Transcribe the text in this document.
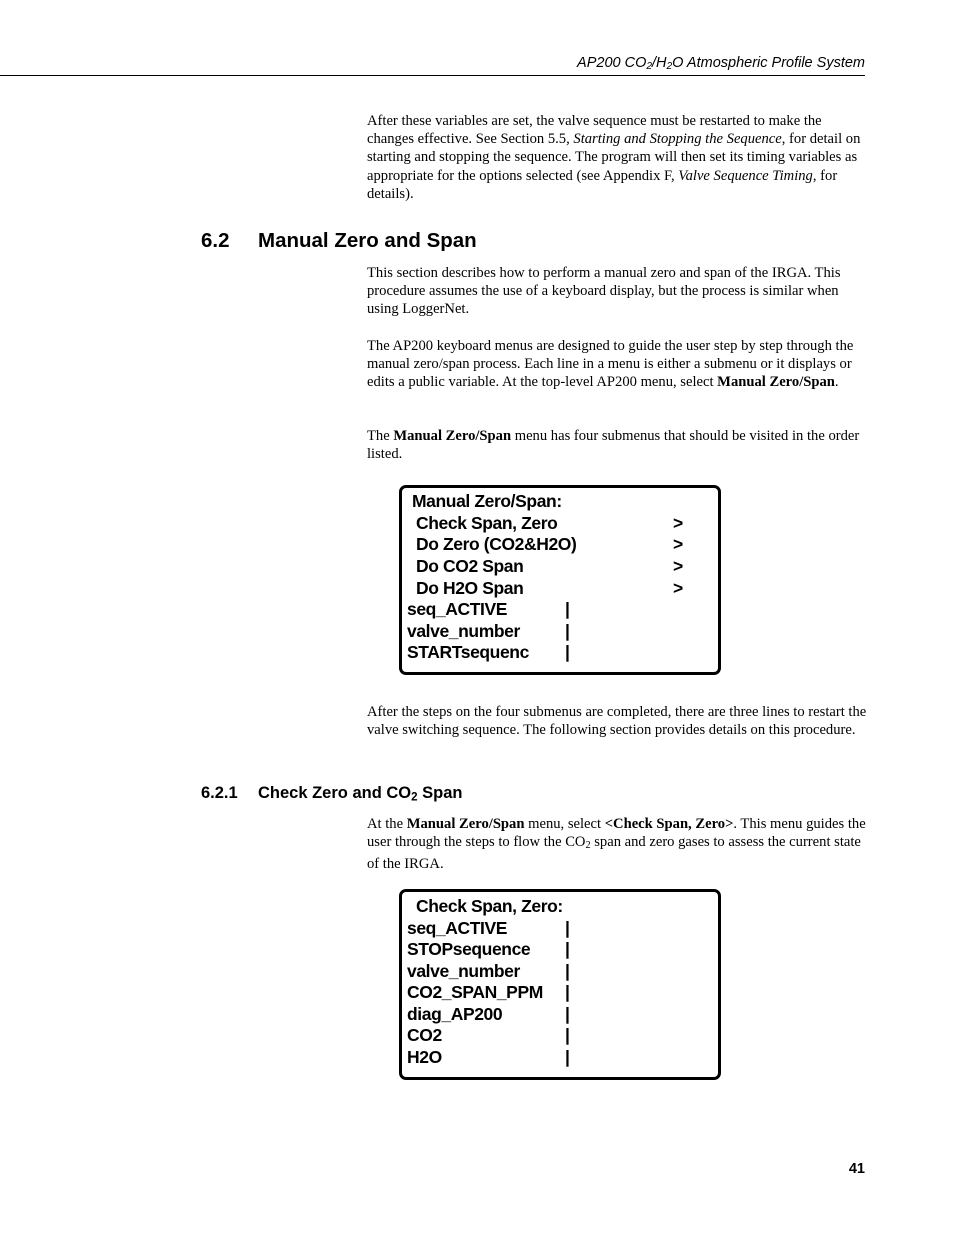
AP200 CO2/H2O Atmospheric Profile System

After these variables are set, the valve sequence must be restarted to make the changes effective. See Section 5.5, Starting and Stopping the Sequence, for detail on starting and stopping the sequence. The program will then set its timing variables as appropriate for the options selected (see Appendix F, Valve Sequence Timing, for details).

6.2 Manual Zero and Span

This section describes how to perform a manual zero and span of the IRGA. This procedure assumes the use of a keyboard display, but the process is similar when using LoggerNet.

The AP200 keyboard menus are designed to guide the user step by step through the manual zero/span process. Each line in a menu is either a submenu or it displays or edits a public variable. At the top-level AP200 menu, select Manual Zero/Span.

The Manual Zero/Span menu has four submenus that should be visited in the order listed.

Manual Zero/Span:
Check Span, Zero	>
Do Zero (CO2&H2O)	>
Do CO2 Span	>
Do H2O Span	>
seq_ACTIVE	|
valve_number	|
STARTsequenc |

After the steps on the four submenus are completed, there are three lines to restart the valve switching sequence. The following section provides details on this procedure.

6.2.1 Check Zero and $CO_2$ Span

At the Manual Zero/Span menu, select <Check Span, Zero>. This menu guides the user through the steps to flow the $CO_2$ span and zero gases to assess the current state of the IRGA.

Check Span, Zero:
seq_ACTIVE	|
STOPsequence |
valve_number	|
CO2_SPAN_PPM |
diag_AP200	|
CO2	|
H2O	|
41
